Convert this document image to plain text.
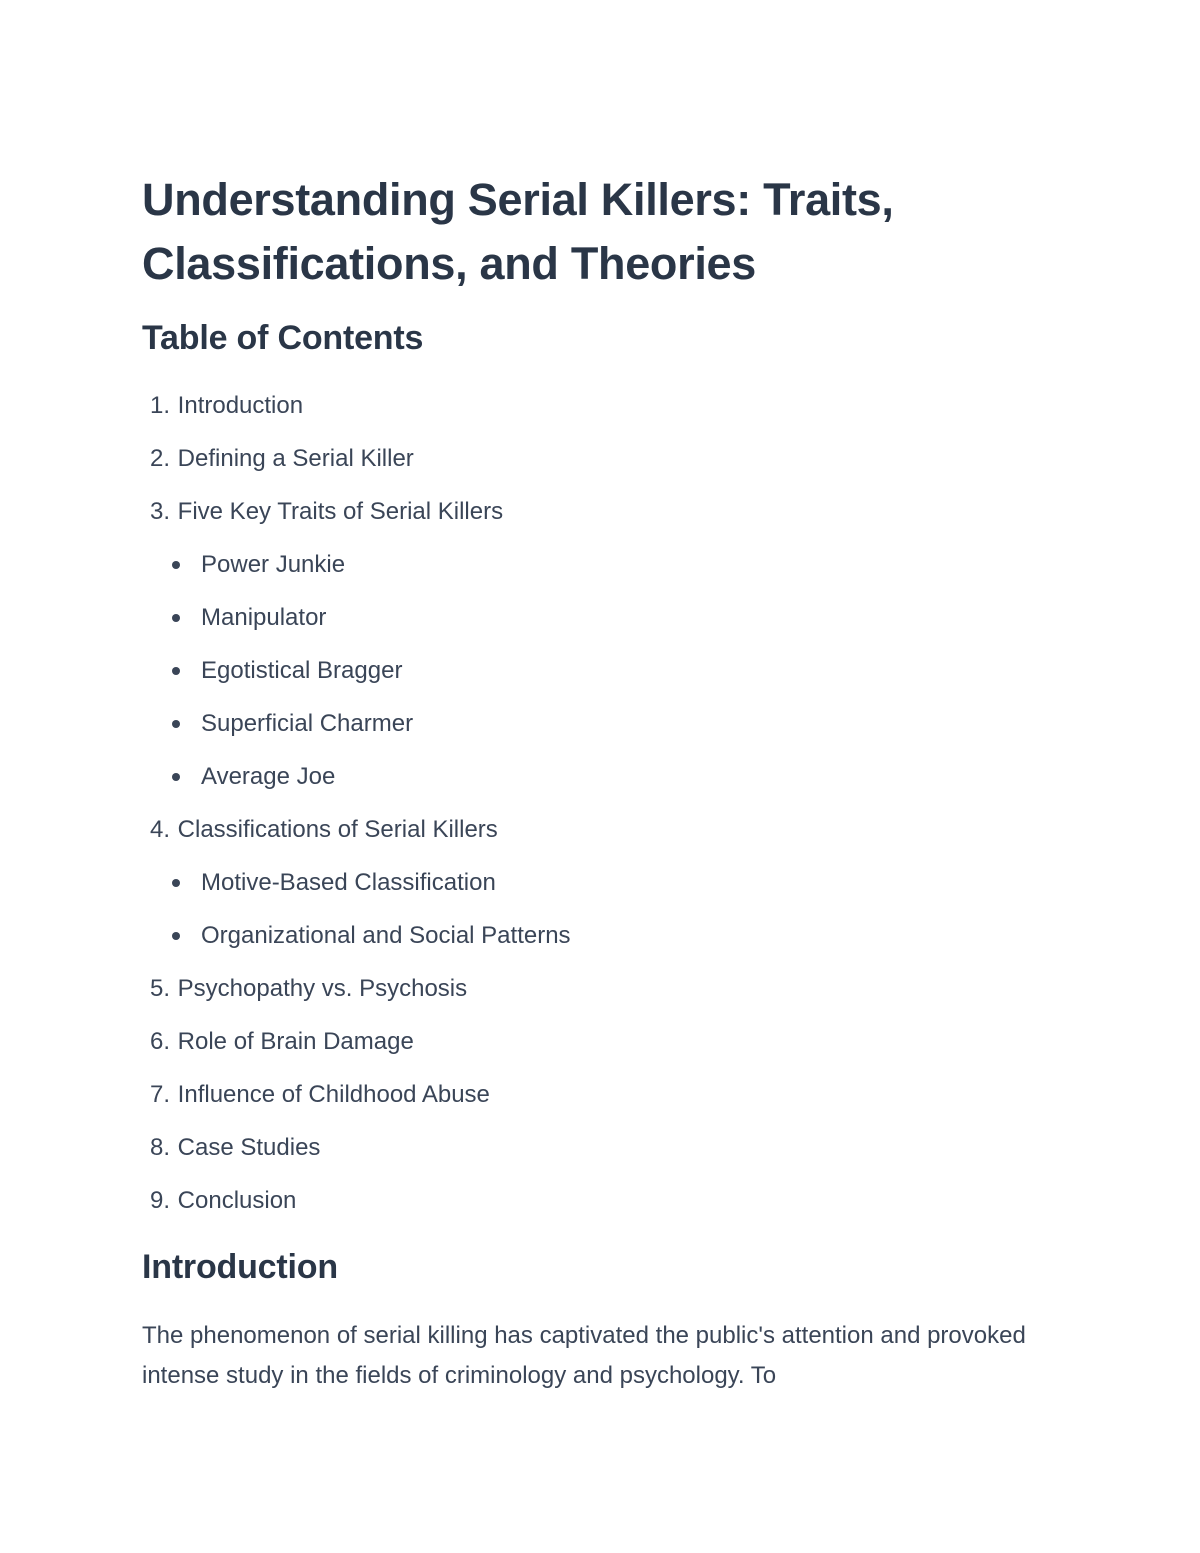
Understanding Serial Killers: Traits, Classifications, and Theories
Table of Contents
1. Introduction
2. Defining a Serial Killer
3. Five Key Traits of Serial Killers
Power Junkie
Manipulator
Egotistical Bragger
Superficial Charmer
Average Joe
4. Classifications of Serial Killers
Motive-Based Classification
Organizational and Social Patterns
5. Psychopathy vs. Psychosis
6. Role of Brain Damage
7. Influence of Childhood Abuse
8. Case Studies
9. Conclusion
Introduction

The phenomenon of serial killing has captivated the public's attention and provoked intense study in the fields of criminology and psychology. To
